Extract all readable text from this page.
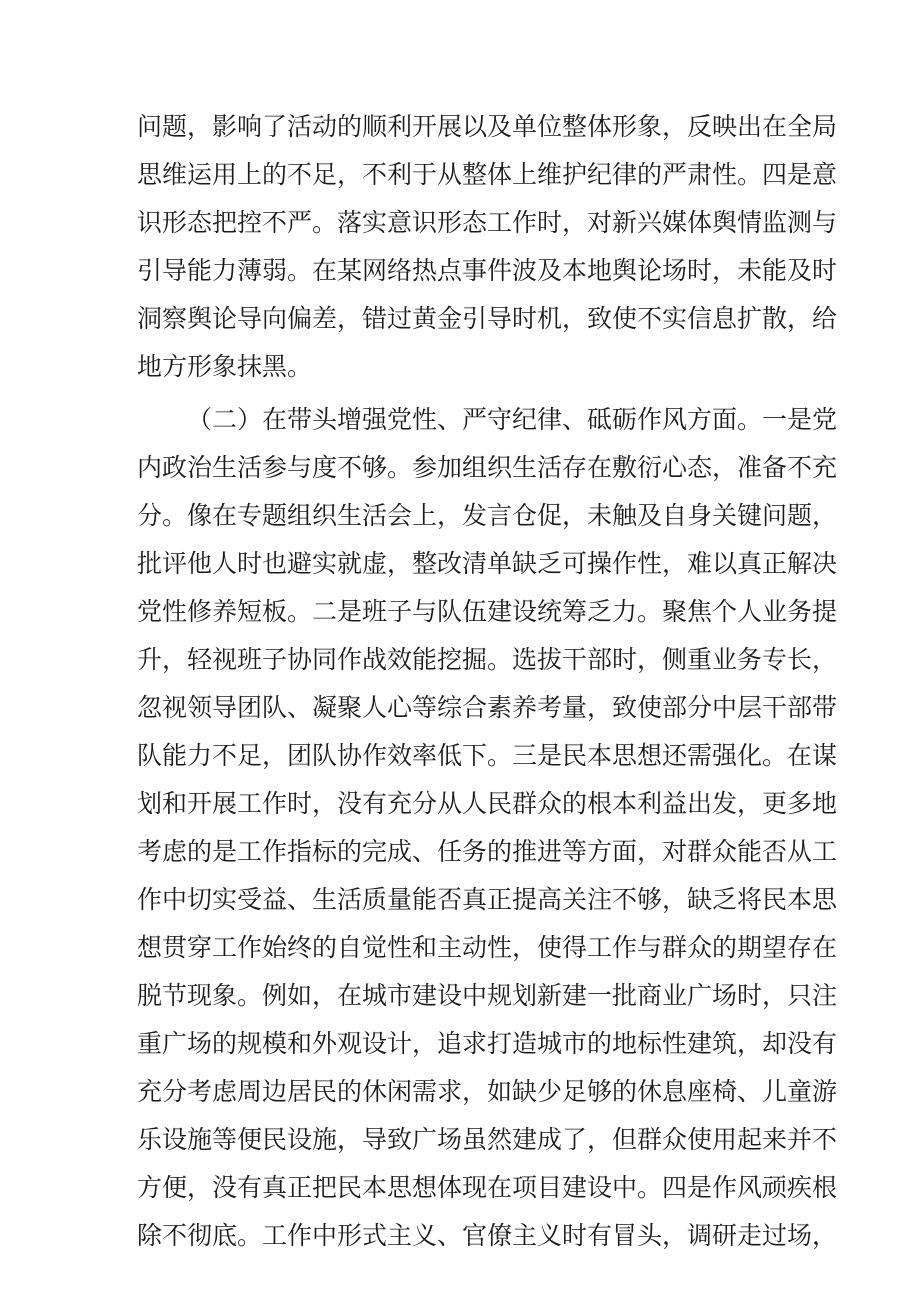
问题，影响了活动的顺利开展以及单位整体形象，反映出在全局

思维运用上的不足，不利于从整体上维护纪律的严肃性。四是意

识形态把控不严。落实意识形态工作时，对新兴媒体舆情监测与

引导能力薄弱。在某网络热点事件波及本地舆论场时，未能及时

洞察舆论导向偏差，错过黄金引导时机，致使不实信息扩散，给

地方形象抹黑。

（二）在带头增强党性、严守纪律、砥砺作风方面。一是党

内政治生活参与度不够。参加组织生活存在敷衍心态，准备不充

分。像在专题组织生活会上，发言仓促，未触及自身关键问题，

批评他人时也避实就虚，整改清单缺乏可操作性，难以真正解决

党性修养短板。二是班子与队伍建设统筹乏力。聚焦个人业务提

升，轻视班子协同作战效能挖掘。选拔干部时，侧重业务专长，

忽视领导团队、凝聚人心等综合素养考量，致使部分中层干部带

队能力不足，团队协作效率低下。三是民本思想还需强化。在谋

划和开展工作时，没有充分从人民群众的根本利益出发，更多地

考虑的是工作指标的完成、任务的推进等方面，对群众能否从工

作中切实受益、生活质量能否真正提高关注不够，缺乏将民本思

想贯穿工作始终的自觉性和主动性，使得工作与群众的期望存在

脱节现象。例如，在城市建设中规划新建一批商业广场时，只注

重广场的规模和外观设计，追求打造城市的地标性建筑，却没有

充分考虑周边居民的休闲需求，如缺少足够的休息座椅、儿童游

乐设施等便民设施，导致广场虽然建成了，但群众使用起来并不

方便，没有真正把民本思想体现在项目建设中。四是作风顽疾根

除不彻底。工作中形式主义、官僚主义时有冒头，调研走过场，
